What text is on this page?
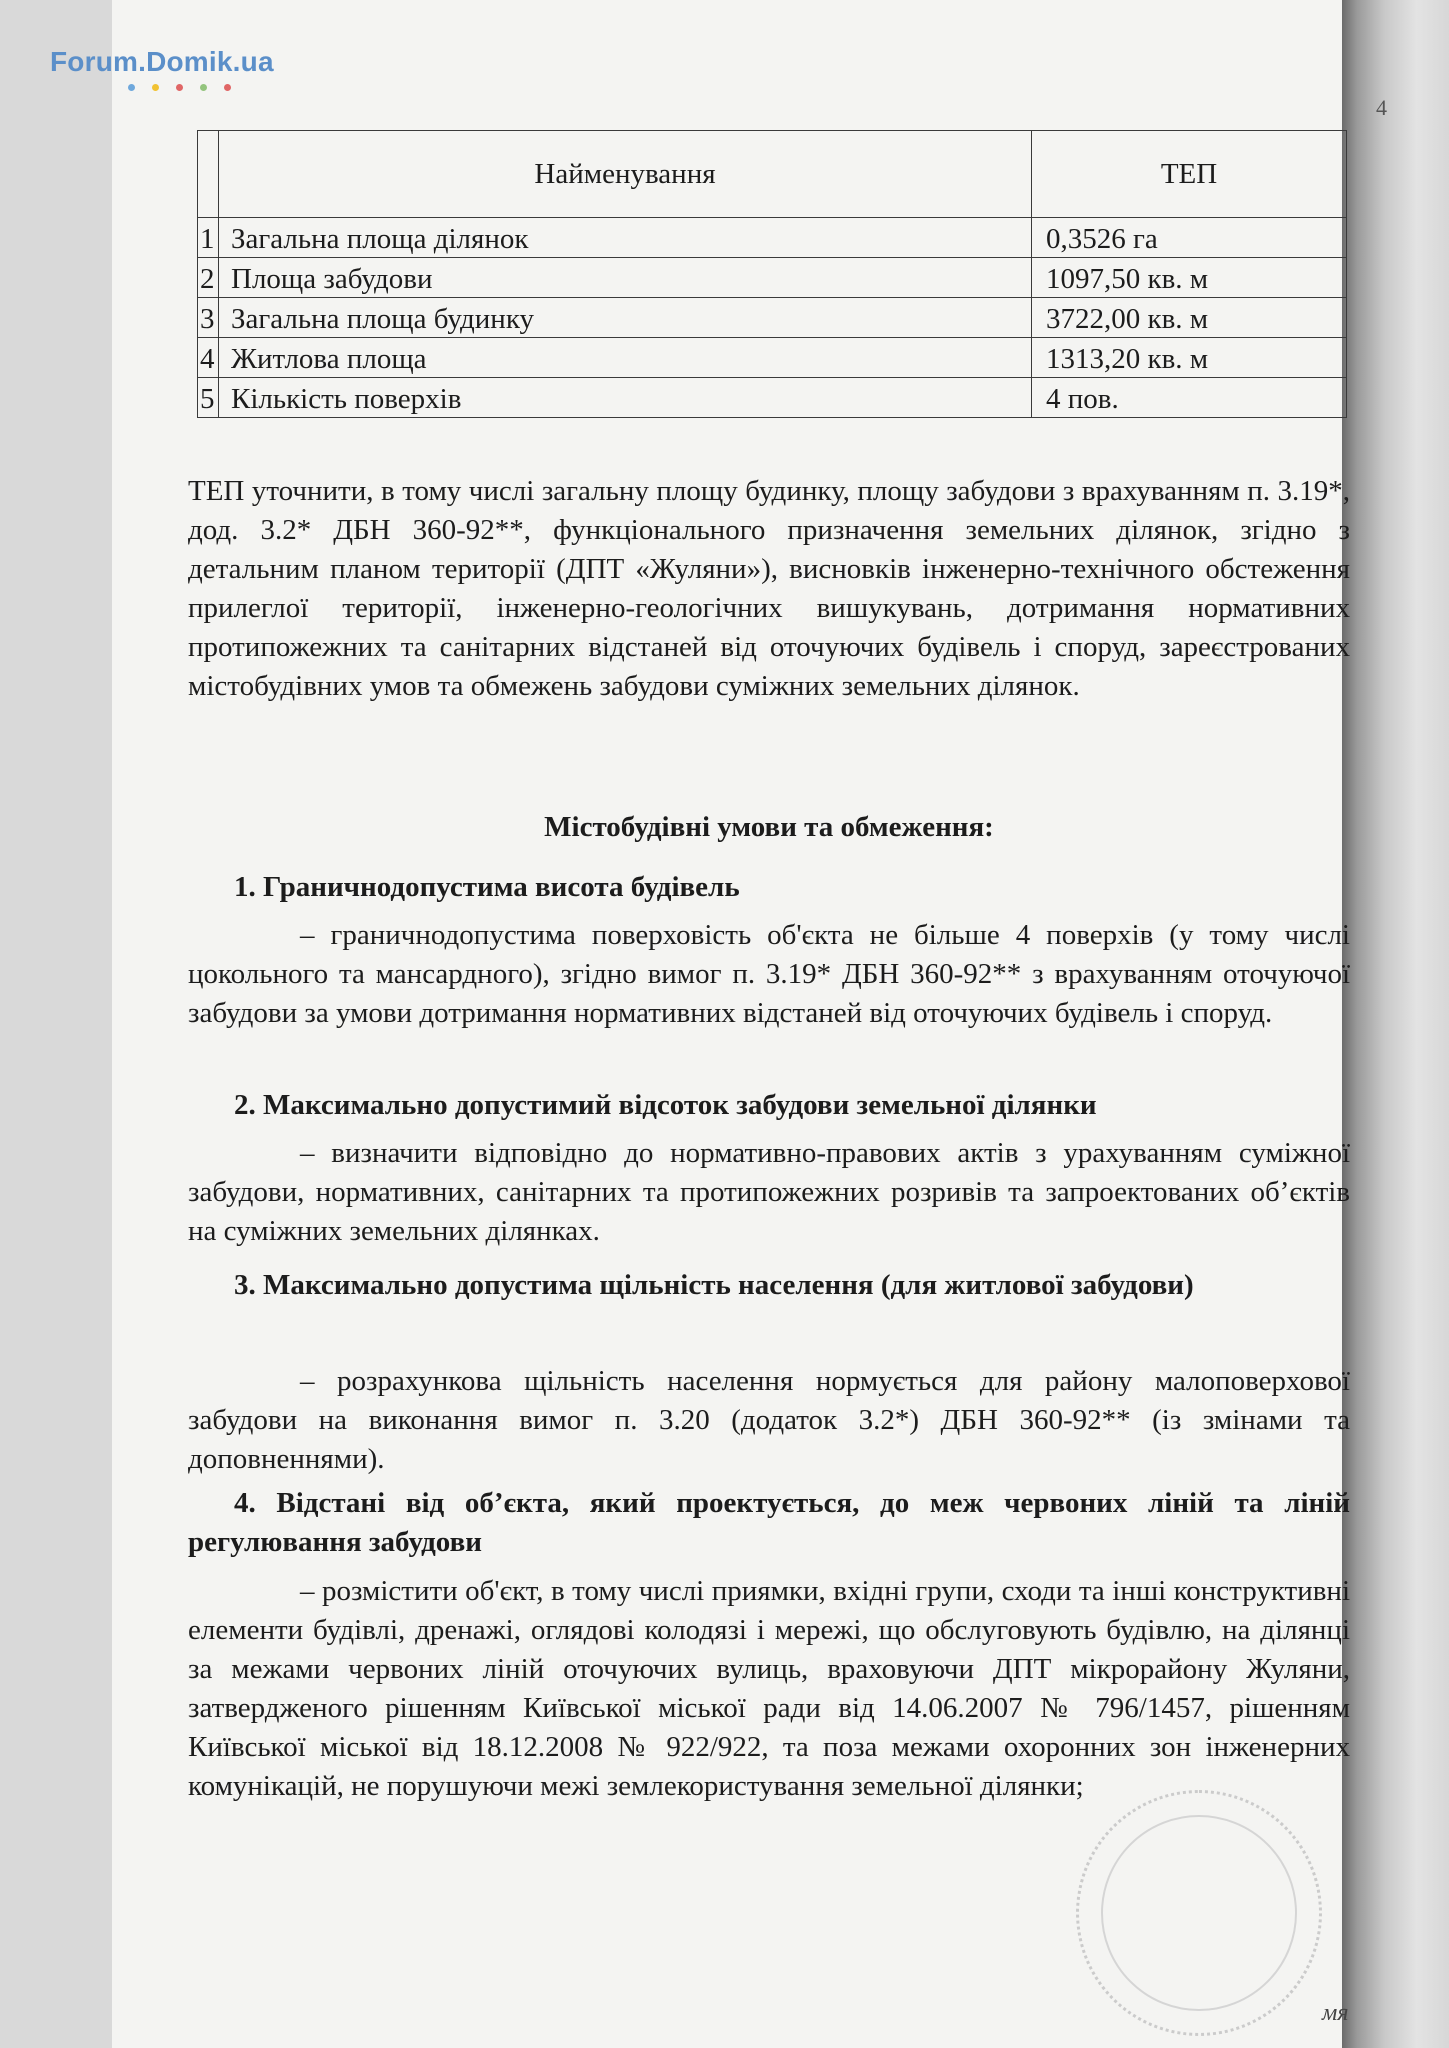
Forum.Domik.ua

4
	Найменування	ТЕП
1	Загальна площа ділянок	0,3526 га
2	Площа забудови	1097,50 кв. м
3	Загальна площа будинку	3722,00 кв. м
4	Житлова площа	1313,20 кв. м
5	Кількість поверхів	4 пов.

ТЕП уточнити, в тому числі загальну площу будинку, площу забудови з врахуванням п. 3.19*, дод. 3.2* ДБН 360-92**, функціонального призначення земельних ділянок, згідно з детальним планом території (ДПТ «Жуляни»), висновків інженерно-технічного обстеження прилеглої території, інженерно-геологічних вишукувань, дотримання нормативних протипожежних та санітарних відстаней від оточуючих будівель і споруд, зареєстрованих містобудівних умов та обмежень забудови суміжних земельних ділянок.

Містобудівні умови та обмеження:
1. Граничнодопустима висота будівель

– граничнодопустима поверховість об'єкта не більше 4 поверхів (у тому числі цокольного та мансардного), згідно вимог п. 3.19* ДБН 360-92** з врахуванням оточуючої забудови за умови дотримання нормативних відстаней від оточуючих будівель і споруд.

2. Максимально допустимий відсоток забудови земельної ділянки

– визначити відповідно до нормативно-правових актів з урахуванням суміжної забудови, нормативних, санітарних та протипожежних розривів та запроектованих об’єктів на суміжних земельних ділянках.

3. Максимально допустима щільність населення (для житлової забудови)

– розрахункова щільність населення нормується для району малоповерхової забудови на виконання вимог п. 3.20 (додаток 3.2*) ДБН 360-92** (із змінами та доповненнями).

4. Відстані від об’єкта, який проектується, до меж червоних ліній та ліній регулювання забудови

– розмістити об'єкт, в тому числі приямки, вхідні групи, сходи та інші конструктивні елементи будівлі, дренажі, оглядові колодязі і мережі, що обслуговують будівлю, на ділянці за межами червоних ліній оточуючих вулиць, враховуючи ДПТ мікрорайону Жуляни, затвердженого рішенням Київської міської ради від 14.06.2007 № 796/1457, рішенням Київської міської від 18.12.2008 № 922/922, та поза межами охоронних зон інженерних комунікацій, не порушуючи межі землекористування земельної ділянки;

мя
